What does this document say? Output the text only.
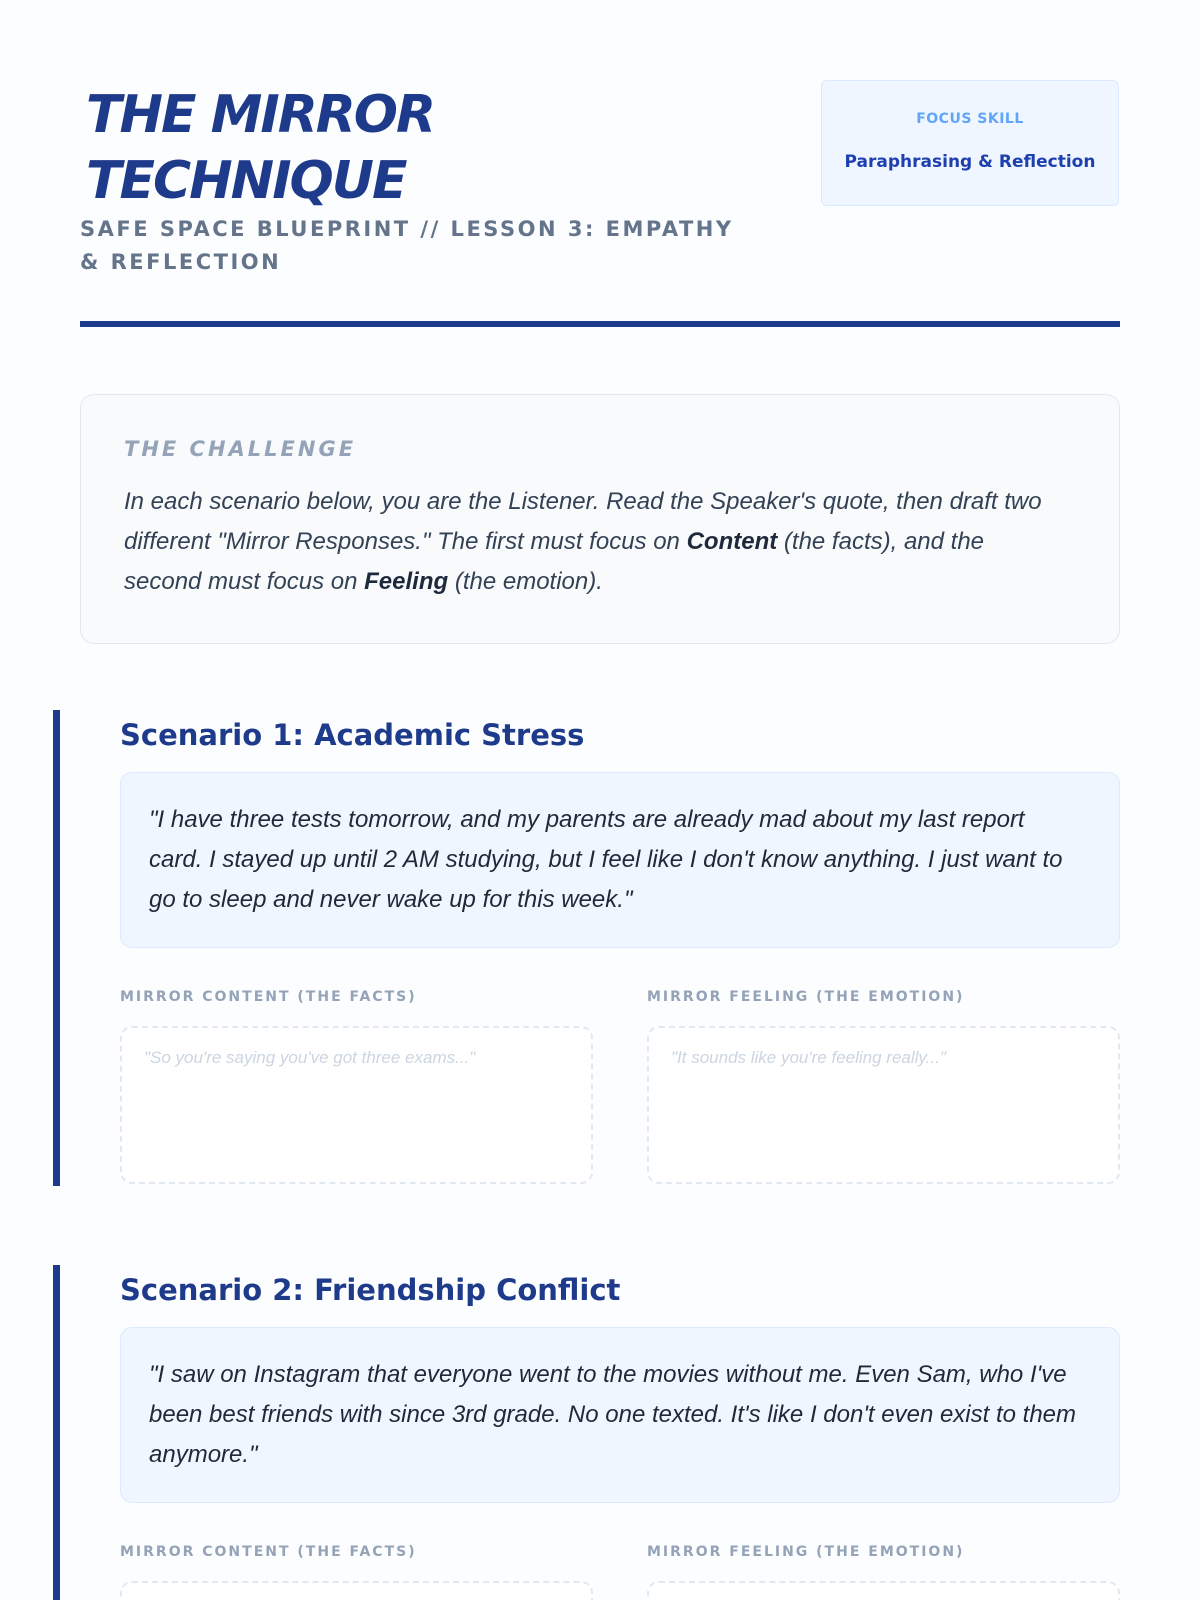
THE MIRROR TECHNIQUE
SAFE SPACE BLUEPRINT // LESSON 3: EMPATHY & REFLECTION
FOCUS SKILL
Paraphrasing & Reflection
THE CHALLENGE

In each scenario below, you are the Listener. Read the Speaker's quote, then draft two different "Mirror Responses." The first must focus on Content (the facts), and the second must focus on Feeling (the emotion).

Scenario 1: Academic Stress

"I have three tests tomorrow, and my parents are already mad about my last report card. I stayed up until 2 AM studying, but I feel like I don't know anything. I just want to go to sleep and never wake up for this week."

MIRROR CONTENT (THE FACTS)	MIRROR FEELING (THE EMOTION)
"So you're saying you've got three exams..."
"It sounds like you're feeling really..."
Scenario 2: Friendship Conflict

"I saw on Instagram that everyone went to the movies without me. Even Sam, who I've been best friends with since 3rd grade. No one texted. It's like I don't even exist to them anymore."

MIRROR CONTENT (THE FACTS)	MIRROR FEELING (THE EMOTION)
